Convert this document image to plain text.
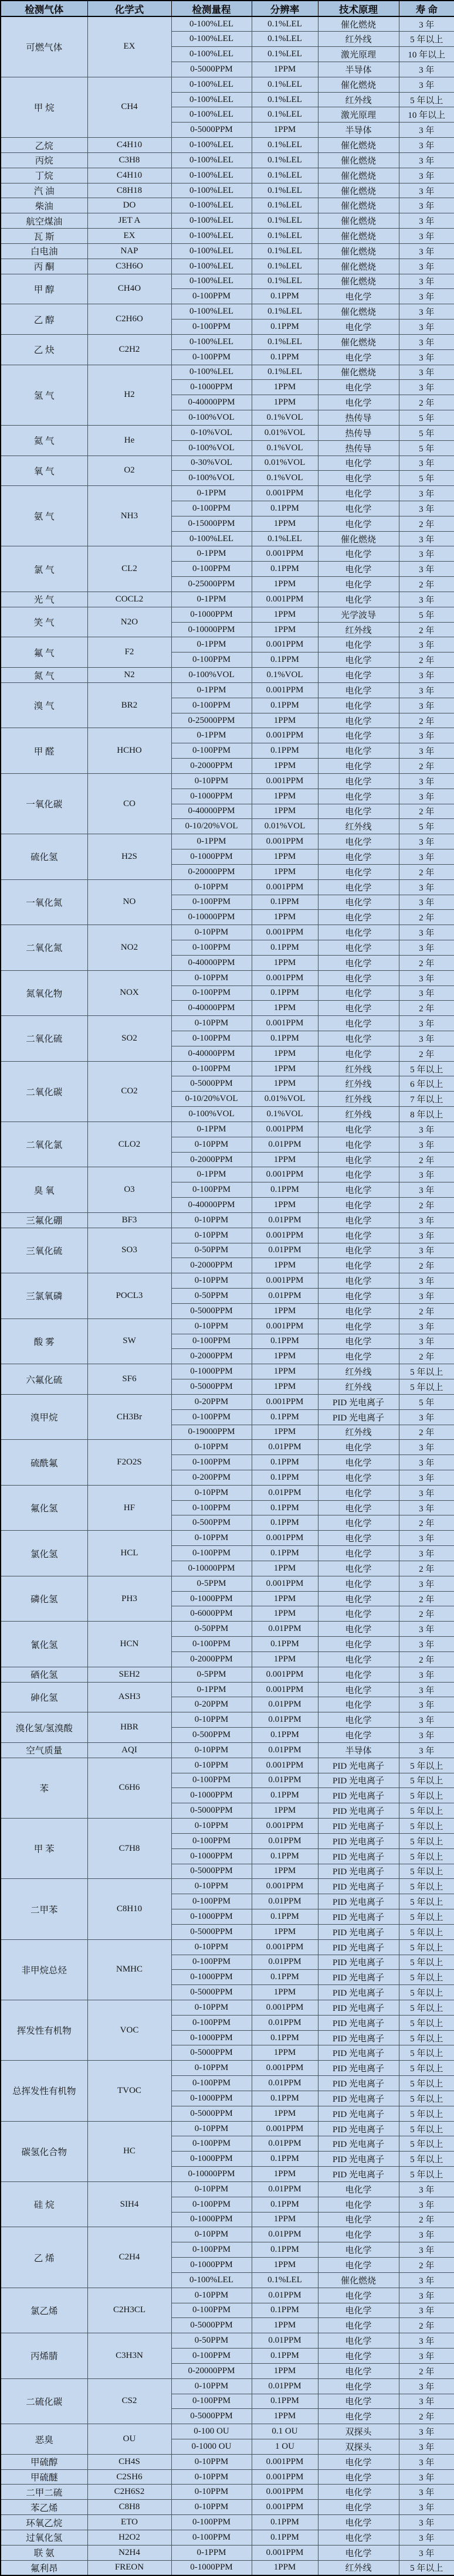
检测气体	化学式	检测量程	分辨率	技术原理	寿 命
可燃气体	EX	0-100%LEL	0.1%LEL	催化燃烧	3 年
		0-100%LEL	0.1%LEL	红外线	5 年以上
		0-100%LEL	0.1%LEL	激光原理	10 年以上
		0-5000PPM	1PPM	半导体	3 年
甲 烷	CH4	0-100%LEL	0.1%LEL	催化燃烧	3 年
		0-100%LEL	0.1%LEL	红外线	5 年以上
		0-100%LEL	0.1%LEL	激光原理	10 年以上
		0-5000PPM	1PPM	半导体	3 年
乙烷	C4H10	0-100%LEL	0.1%LEL	催化燃烧	3 年
丙烷	C3H8	0-100%LEL	0.1%LEL	催化燃烧	3 年
丁烷	C4H10	0-100%LEL	0.1%LEL	催化燃烧	3 年
汽 油	C8H18	0-100%LEL	0.1%LEL	催化燃烧	3 年
柴油	DO	0-100%LEL	0.1%LEL	催化燃烧	3 年
航空煤油	JET A	0-100%LEL	0.1%LEL	催化燃烧	3 年
瓦 斯	EX	0-100%LEL	0.1%LEL	催化燃烧	3 年
白电油	NAP	0-100%LEL	0.1%LEL	催化燃烧	3 年
丙 酮	C3H6O	0-100%LEL	0.1%LEL	催化燃烧	3 年
甲 醇	CH4O	0-100%LEL	0.1%LEL	催化燃烧	3 年
		0-100PPM	0.1PPM	电化学	3 年
乙 醇	C2H6O	0-100%LEL	0.1%LEL	催化燃烧	3 年
		0-100PPM	0.1PPM	电化学	3 年
乙 炔	C2H2	0-100%LEL	0.1%LEL	催化燃烧	3 年
		0-100PPM	0.1PPM	电化学	3 年
氢 气	H2	0-100%LEL	0.1%LEL	催化燃烧	3 年
		0-1000PPM	1PPM	电化学	3 年
		0-40000PPM	1PPM	电化学	2 年
		0-100%VOL	0.1%VOL	热传导	5 年
氦 气	He	0-10%VOL	0.01%VOL	热传导	5 年
		0-100%VOL	0.1%VOL	热传导	5 年
氧 气	O2	0-30%VOL	0.01%VOL	电化学	3 年
		0-100%VOL	0.1%VOL	电化学	5 年
氨 气	NH3	0-1PPM	0.001PPM	电化学	3 年
		0-100PPM	0.1PPM	电化学	3 年
		0-15000PPM	1PPM	电化学	2 年
		0-100%LEL	0.1%LEL	催化燃烧	3 年
氯 气	CL2	0-1PPM	0.001PPM	电化学	3 年
		0-100PPM	0.1PPM	电化学	3 年
		0-25000PPM	1PPM	电化学	2 年
光 气	COCL2	0-1PPM	0.001PPM	电化学	3 年
笑 气	N2O	0-1000PPM	1PPM	光学波导	5 年
		0-10000PPM	1PPM	红外线	2 年
氟 气	F2	0-1PPM	0.001PPM	电化学	3 年
		0-100PPM	0.1PPM	电化学	2 年
氮 气	N2	0-100%VOL	0.1%VOL	电化学	3 年
溴 气	BR2	0-1PPM	0.001PPM	电化学	3 年
		0-100PPM	0.1PPM	电化学	3 年
		0-25000PPM	1PPM	电化学	2 年
甲 醛	HCHO	0-1PPM	0.001PPM	电化学	3 年
		0-100PPM	0.1PPM	电化学	3 年
		0-2000PPM	1PPM	电化学	2 年
一氧化碳	CO	0-10PPM	0.001PPM	电化学	3 年
		0-1000PPM	1PPM	电化学	3 年
		0-40000PPM	1PPM	电化学	2 年
		0-10/20%VOL	0.01%VOL	红外线	5 年
硫化氢	H2S	0-1PPM	0.001PPM	电化学	3 年
		0-1000PPM	1PPM	电化学	3 年
		0-20000PPM	1PPM	电化学	2 年
一氧化氮	NO	0-10PPM	0.001PPM	电化学	3 年
		0-100PPM	0.1PPM	电化学	3 年
		0-10000PPM	1PPM	电化学	2 年
二氧化氮	NO2	0-10PPM	0.001PPM	电化学	3 年
		0-100PPM	0.1PPM	电化学	3 年
		0-40000PPM	1PPM	电化学	2 年
氮氧化物	NOX	0-10PPM	0.001PPM	电化学	3 年
		0-100PPM	0.1PPM	电化学	3 年
		0-40000PPM	1PPM	电化学	2 年
二氧化硫	SO2	0-10PPM	0.001PPM	电化学	3 年
		0-100PPM	0.1PPM	电化学	3 年
		0-40000PPM	1PPM	电化学	2 年
二氧化碳	CO2	0-100PPM	1PPM	红外线	5 年以上
		0-5000PPM	1PPM	红外线	6 年以上
		0-10/20%VOL	0.01%VOL	红外线	7 年以上
		0-100%VOL	0.1%VOL	红外线	8 年以上
二氧化氯	CLO2	0-1PPM	0.001PPM	电化学	3 年
		0-10PPM	0.01PPM	电化学	3 年
		0-2000PPM	1PPM	电化学	2 年
臭 氧	O3	0-1PPM	0.001PPM	电化学	3 年
		0-100PPM	0.1PPM	电化学	3 年
		0-40000PPM	1PPM	电化学	2 年
三氟化硼	BF3	0-10PPM	0.01PPM	电化学	3 年
三氧化硫	SO3	0-10PPM	0.001PPM	电化学	3 年
		0-50PPM	0.01PPM	电化学	3 年
		0-2000PPM	1PPM	电化学	2 年
三氯氧磷	POCL3	0-10PPM	0.001PPM	电化学	3 年
		0-50PPM	0.01PPM	电化学	3 年
		0-5000PPM	1PPM	电化学	2 年
酸 雾	SW	0-10PPM	0.001PPM	电化学	3 年
		0-100PPM	0.1PPM	电化学	3 年
		0-2000PPM	1PPM	电化学	2 年
六氟化硫	SF6	0-1000PPM	1PPM	红外线	5 年以上
		0-5000PPM	1PPM	红外线	5 年以上
溴甲烷	CH3Br	0-20PPM	0.001PPM	PID 光电离子	5 年
		0-100PPM	0.1PPM	PID 光电离子	3 年
		0-19000PPM	1PPM	红外线	2 年
硫酰氟	F2O2S	0-10PPM	0.01PPM	电化学	3 年
		0-100PPM	0.1PPM	电化学	3 年
		0-200PPM	0.1PPM	电化学	3 年
氟化氢	HF	0-10PPM	0.01PPM	电化学	3 年
		0-100PPM	0.1PPM	电化学	3 年
		0-500PPM	0.1PPM	电化学	2 年
氯化氢	HCL	0-10PPM	0.001PPM	电化学	3 年
		0-100PPM	0.1PPM	电化学	3 年
		0-10000PPM	1PPM	电化学	2 年
磷化氢	PH3	0-5PPM	0.001PPM	电化学	3 年
		0-1000PPM	1PPM	电化学	2 年
		0-6000PPM	1PPM	电化学	2 年
氰化氢	HCN	0-50PPM	0.01PPM	电化学	3 年
		0-100PPM	0.1PPM	电化学	3 年
		0-2000PPM	1PPM	电化学	2 年
硒化氢	SEH2	0-5PPM	0.001PPM	电化学	3 年
砷化氢	ASH3	0-1PPM	0.001PPM	电化学	3 年
		0-20PPM	0.01PPM	电化学	3 年
溴化氢/氢溴酸	HBR	0-10PPM	0.01PPM	电化学	3 年
		0-500PPM	0.1PPM	电化学	3 年
空气质量	AQI	0-10PPM	0.01PPM	半导体	3 年
苯	C6H6	0-10PPM	0.001PPM	PID 光电离子	5 年以上
		0-100PPM	0.01PPM	PID 光电离子	5 年以上
		0-1000PPM	0.1PPM	PID 光电离子	5 年以上
		0-5000PPM	1PPM	PID 光电离子	5 年以上
甲 苯	C7H8	0-10PPM	0.001PPM	PID 光电离子	5 年以上
		0-100PPM	0.01PPM	PID 光电离子	5 年以上
		0-1000PPM	0.1PPM	PID 光电离子	5 年以上
		0-5000PPM	1PPM	PID 光电离子	5 年以上
二甲苯	C8H10	0-10PPM	0.001PPM	PID 光电离子	5 年以上
		0-100PPM	0.01PPM	PID 光电离子	5 年以上
		0-1000PPM	0.1PPM	PID 光电离子	5 年以上
		0-5000PPM	1PPM	PID 光电离子	5 年以上
非甲烷总烃	NMHC	0-10PPM	0.001PPM	PID 光电离子	5 年以上
		0-100PPM	0.01PPM	PID 光电离子	5 年以上
		0-1000PPM	0.1PPM	PID 光电离子	5 年以上
		0-5000PPM	1PPM	PID 光电离子	5 年以上
挥发性有机物	VOC	0-10PPM	0.001PPM	PID 光电离子	5 年以上
		0-100PPM	0.01PPM	PID 光电离子	5 年以上
		0-1000PPM	0.1PPM	PID 光电离子	5 年以上
		0-5000PPM	1PPM	PID 光电离子	5 年以上
总挥发性有机物	TVOC	0-10PPM	0.001PPM	PID 光电离子	5 年以上
		0-100PPM	0.01PPM	PID 光电离子	5 年以上
		0-1000PPM	0.1PPM	PID 光电离子	5 年以上
		0-5000PPM	1PPM	PID 光电离子	5 年以上
碳氢化合物	HC	0-10PPM	0.001PPM	PID 光电离子	5 年以上
		0-100PPM	0.01PPM	PID 光电离子	5 年以上
		0-1000PPM	0.1PPM	PID 光电离子	5 年以上
		0-10000PPM	1PPM	PID 光电离子	5 年以上
硅 烷	SIH4	0-10PPM	0.01PPM	电化学	3 年
		0-100PPM	0.1PPM	电化学	3 年
		0-1000PPM	1PPM	电化学	2 年
乙 烯	C2H4	0-10PPM	0.01PPM	电化学	3 年
		0-100PPM	0.1PPM	电化学	3 年
		0-1000PPM	1PPM	电化学	2 年
		0-100%LEL	0.1%LEL	催化燃烧	3 年
氯乙烯	C2H3CL	0-10PPM	0.01PPM	电化学	3 年
		0-100PPM	0.1PPM	电化学	3 年
		0-5000PPM	1PPM	电化学	2 年
丙烯腈	C3H3N	0-50PPM	0.01PPM	电化学	3 年
		0-100PPM	0.1PPM	电化学	3 年
		0-20000PPM	1PPM	电化学	2 年
二硫化碳	CS2	0-10PPM	0.01PPM	电化学	3 年
		0-100PPM	0.1PPM	电化学	3 年
		0-5000PPM	1PPM	电化学	2 年
恶臭	OU	0-100 OU	0.1 OU	双探头	3 年
		0-1000 OU	1 OU	双探头	3 年
甲硫醇	CH4S	0-10PPM	0.001PPM	电化学	3 年
甲硫醚	C2SH6	0-10PPM	0.001PPM	电化学	3 年
二甲二硫	C2H6S2	0-10PPM	0.001PPM	电化学	3 年
苯乙烯	C8H8	0-10PPM	0.001PPM	电化学	3 年
环氧乙烷	ETO	0-100PPM	0.1PPM	电化学	3 年
过氧化氢	H2O2	0-100PPM	0.1PPM	电化学	3 年
联 氨	N2H4	0-1PPM	0.001PPM	电化学	3 年
氟利昂	FREON	0-1000PPM	1PPM	红外线	5 年以上
